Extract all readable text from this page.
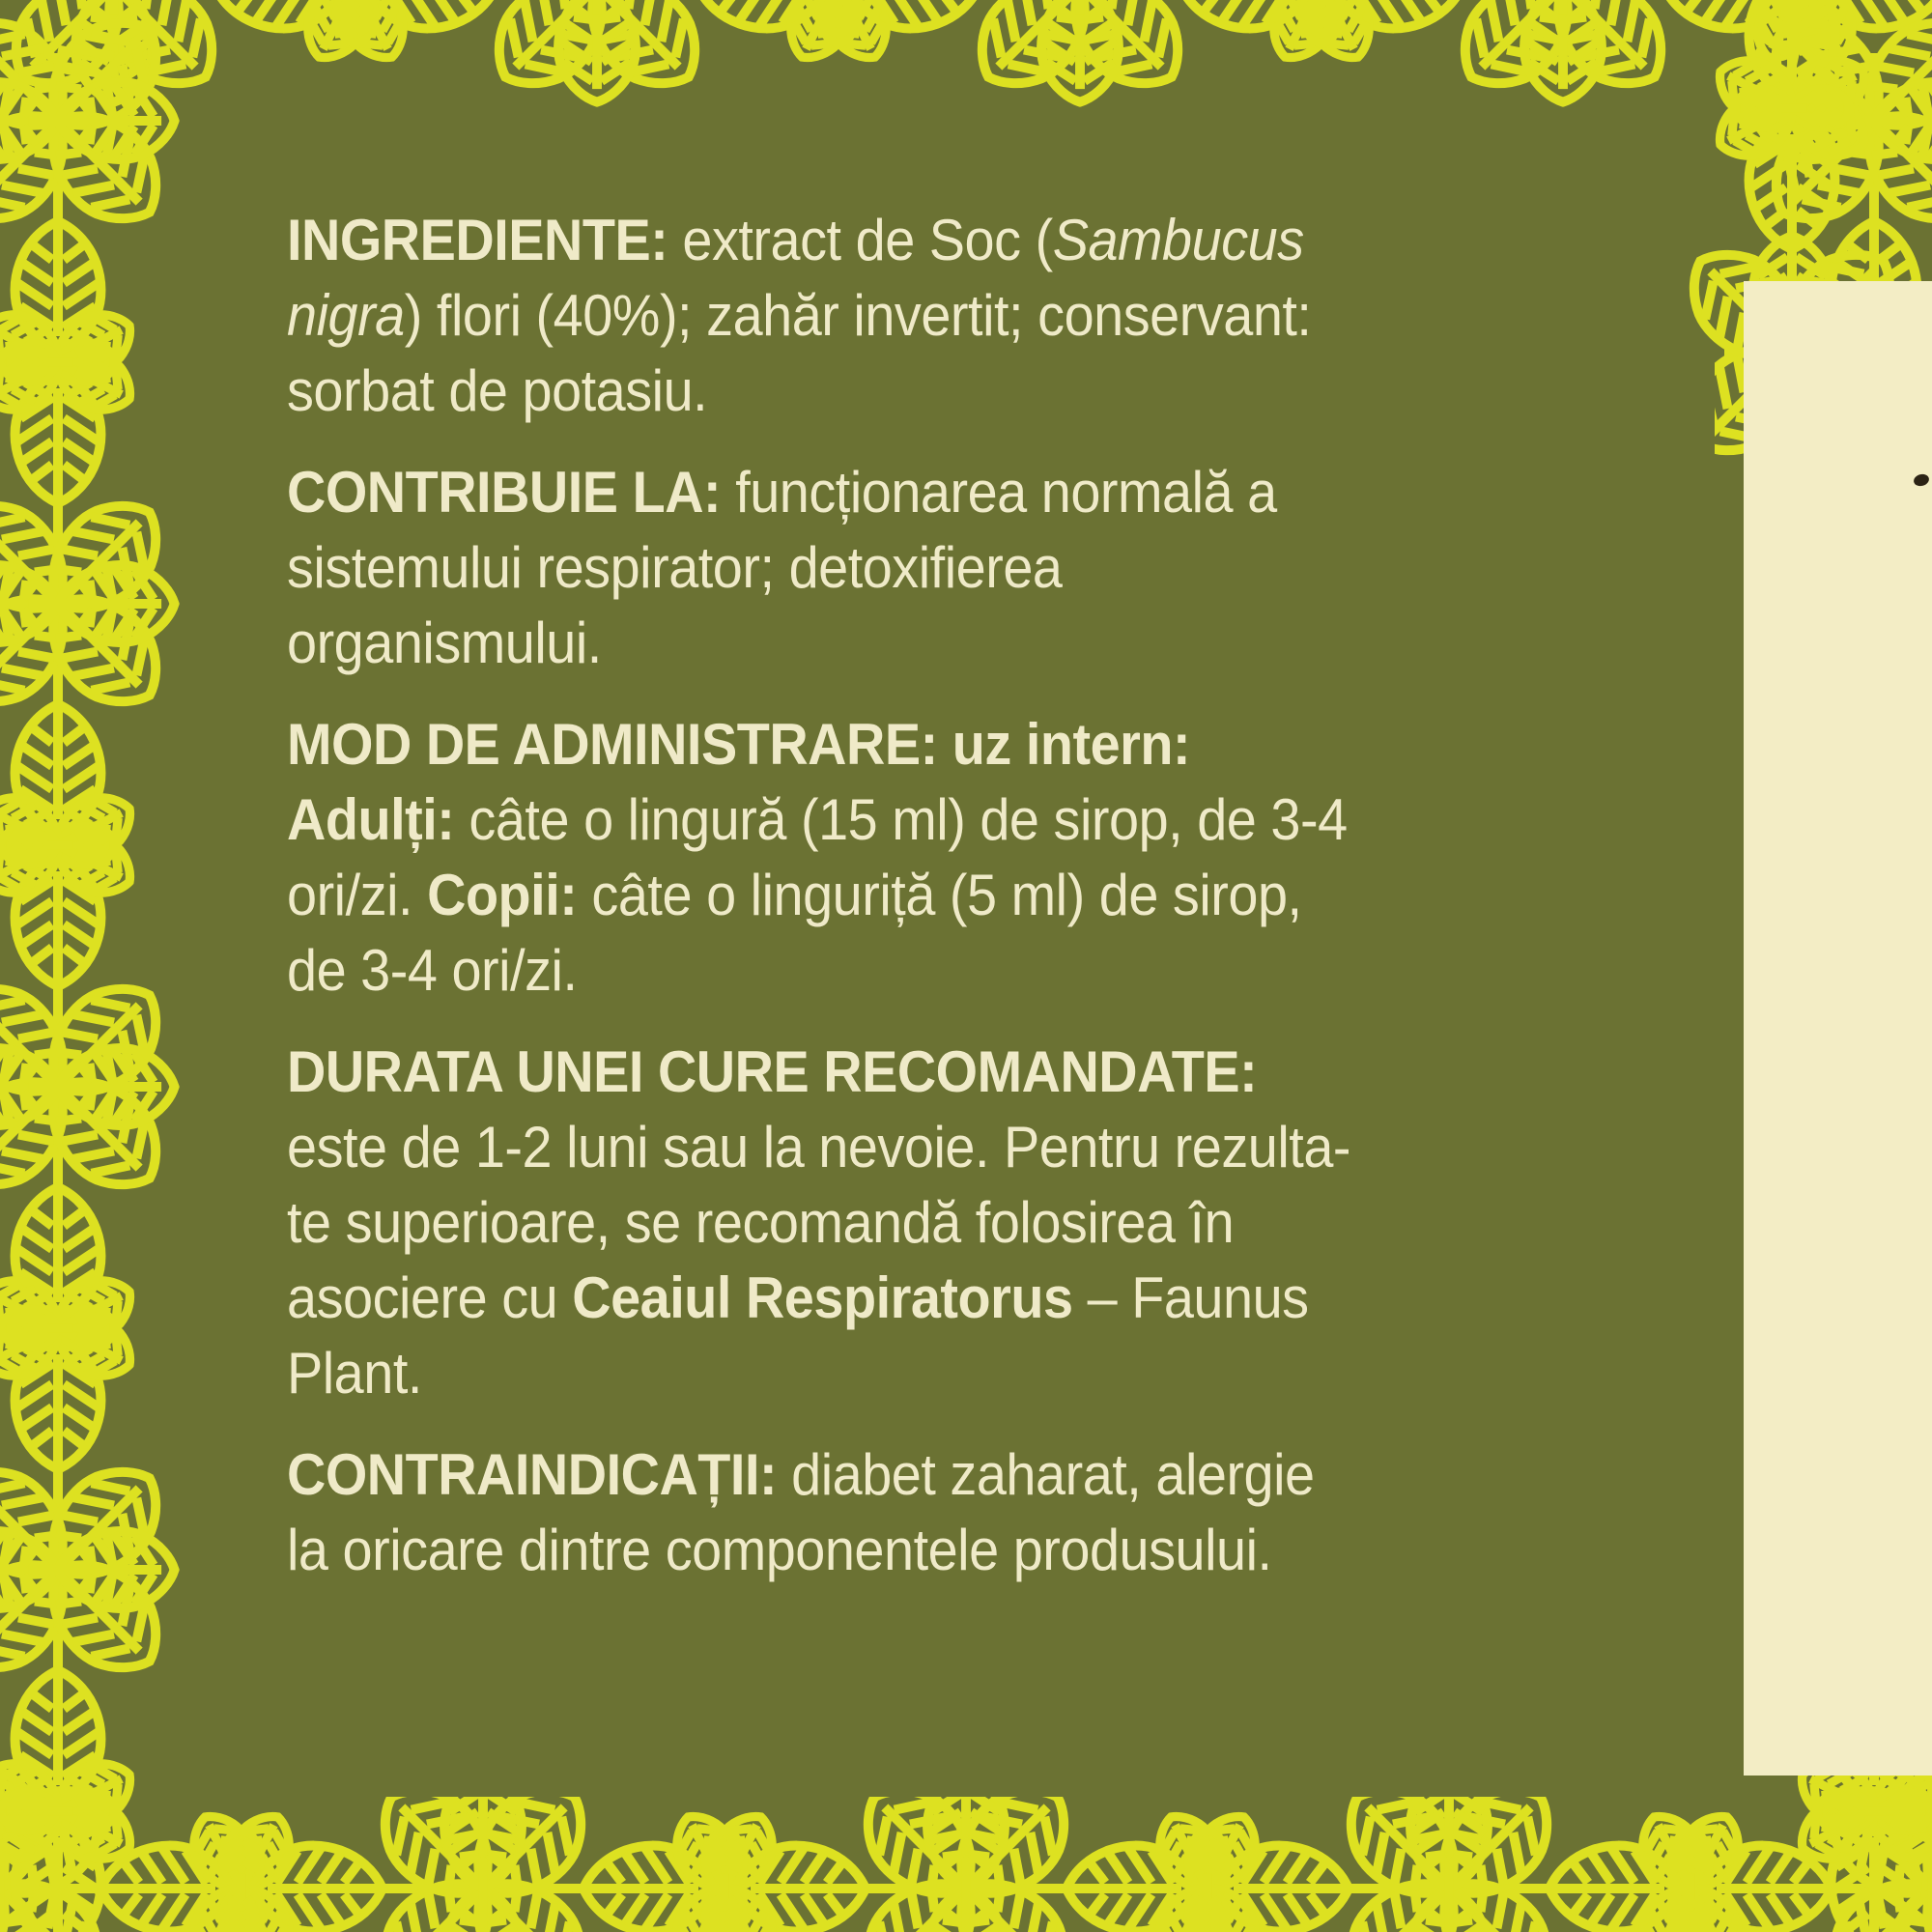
INGREDIENTE: extract de Soc (Sambucus
nigra) flori (40%); zahăr invertit; conservant:
sorbat de potasiu.
CONTRIBUIE LA: funcționarea normală a
sistemului respirator; detoxifierea
organismului.
MOD DE ADMINISTRARE: uz intern:
Adulți: câte o lingură (15 ml) de sirop, de 3-4
ori/zi. Copii: câte o linguriță (5 ml) de sirop,
de 3-4 ori/zi.
DURATA UNEI CURE RECOMANDATE:
este de 1-2 luni sau la nevoie. Pentru rezulta-
te superioare, se recomandă folosirea în
asociere cu Ceaiul Respiratorus – Faunus
Plant.
CONTRAINDICAȚII: diabet zaharat, alergie
la oricare dintre componentele produsului.
